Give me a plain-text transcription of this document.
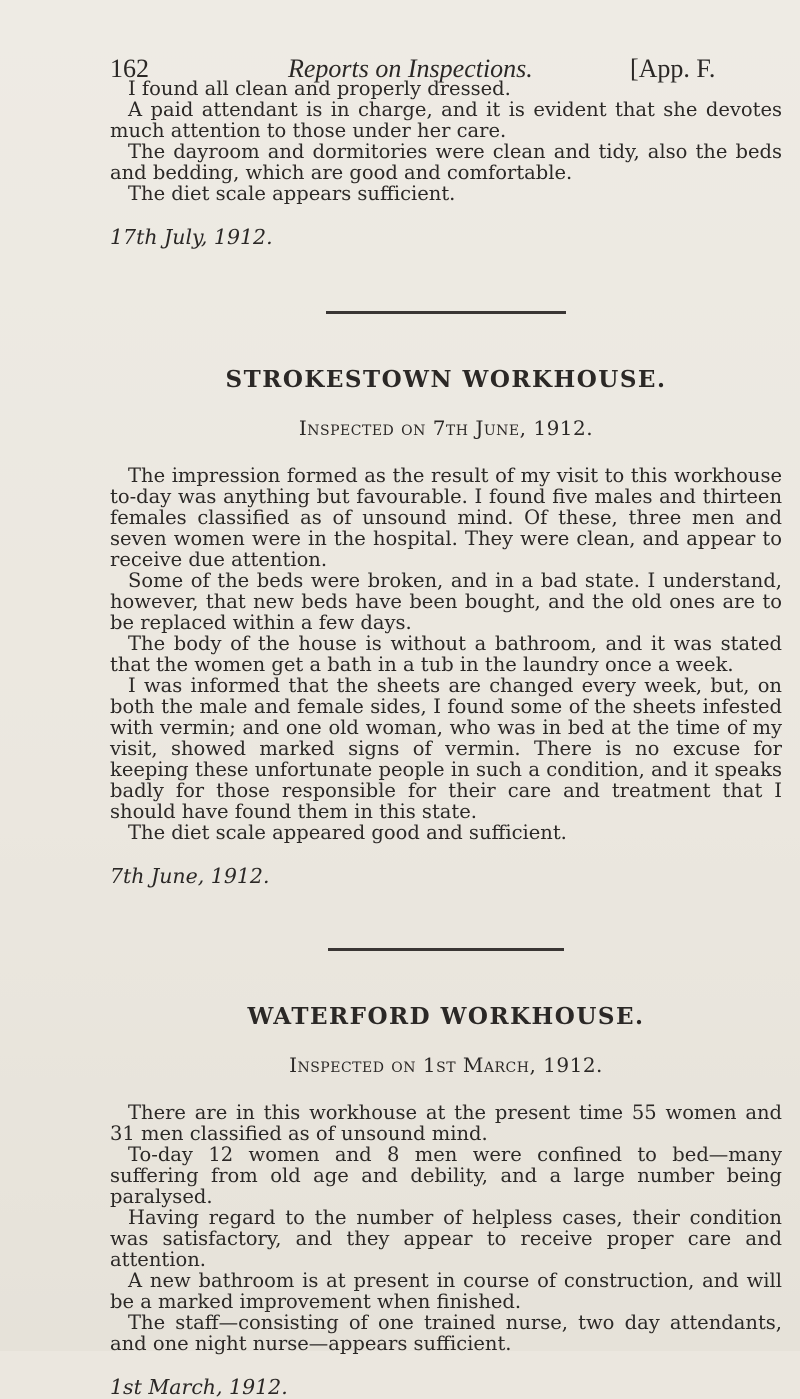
162	Reports on Inspections.	[App. F.

I found all clean and properly dressed.

A paid attendant is in charge, and it is evident that she devotes much attention to those under her care.

The dayroom and dormitories were clean and tidy, also the beds and bedding, which are good and comfortable.

The diet scale appears sufficient.

17th July, 1912.

STROKESTOWN WORKHOUSE.

Inspected on 7th June, 1912.

The impression formed as the result of my visit to this workhouse to-day was anything but favourable. I found five males and thirteen females classified as of unsound mind. Of these, three men and seven women were in the hospital. They were clean, and appear to receive due attention.

Some of the beds were broken, and in a bad state. I understand, however, that new beds have been bought, and the old ones are to be replaced within a few days.

The body of the house is without a bathroom, and it was stated that the women get a bath in a tub in the laundry once a week.

I was informed that the sheets are changed every week, but, on both the male and female sides, I found some of the sheets infested with vermin; and one old woman, who was in bed at the time of my visit, showed marked signs of vermin. There is no excuse for keeping these unfortunate people in such a condition, and it speaks badly for those responsible for their care and treatment that I should have found them in this state.

The diet scale appeared good and sufficient.

7th June, 1912.

WATERFORD WORKHOUSE.

Inspected on 1st March, 1912.

There are in this workhouse at the present time 55 women and 31 men classified as of unsound mind.

To-day 12 women and 8 men were confined to bed—many suffering from old age and debility, and a large number being paralysed.

Having regard to the number of helpless cases, their condition was satisfactory, and they appear to receive proper care and attention.

A new bathroom is at present in course of construction, and will be a marked improvement when finished.

The staff—consisting of one trained nurse, two day attendants, and one night nurse—appears sufficient.

1st March, 1912.
